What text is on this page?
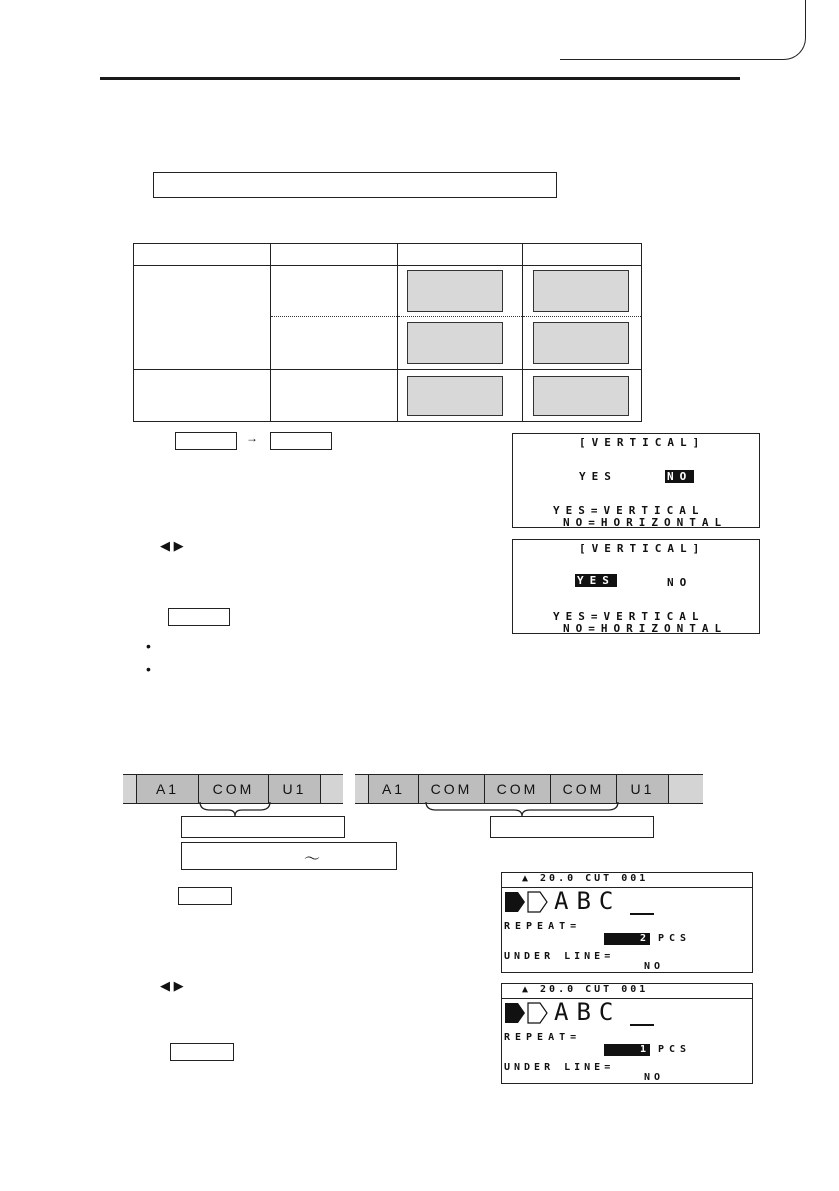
→	[VERTICAL]
YES	NO
YES=VERTICAL
NO=HORIZONTAL
◀ ▶	[VERTICAL]
YES	NO
YES=VERTICAL
NO=HORIZONTAL
•
•
A1	COM	U1	A1	COM	COM	COM	U1
～
▲ 20.0 CUT 001
ABC
REPEAT=
2	PCS
UNDER LINE=
NO
◀ ▶	▲ 20.0 CUT 001
ABC
REPEAT=
1	PCS
UNDER LINE=
NO
